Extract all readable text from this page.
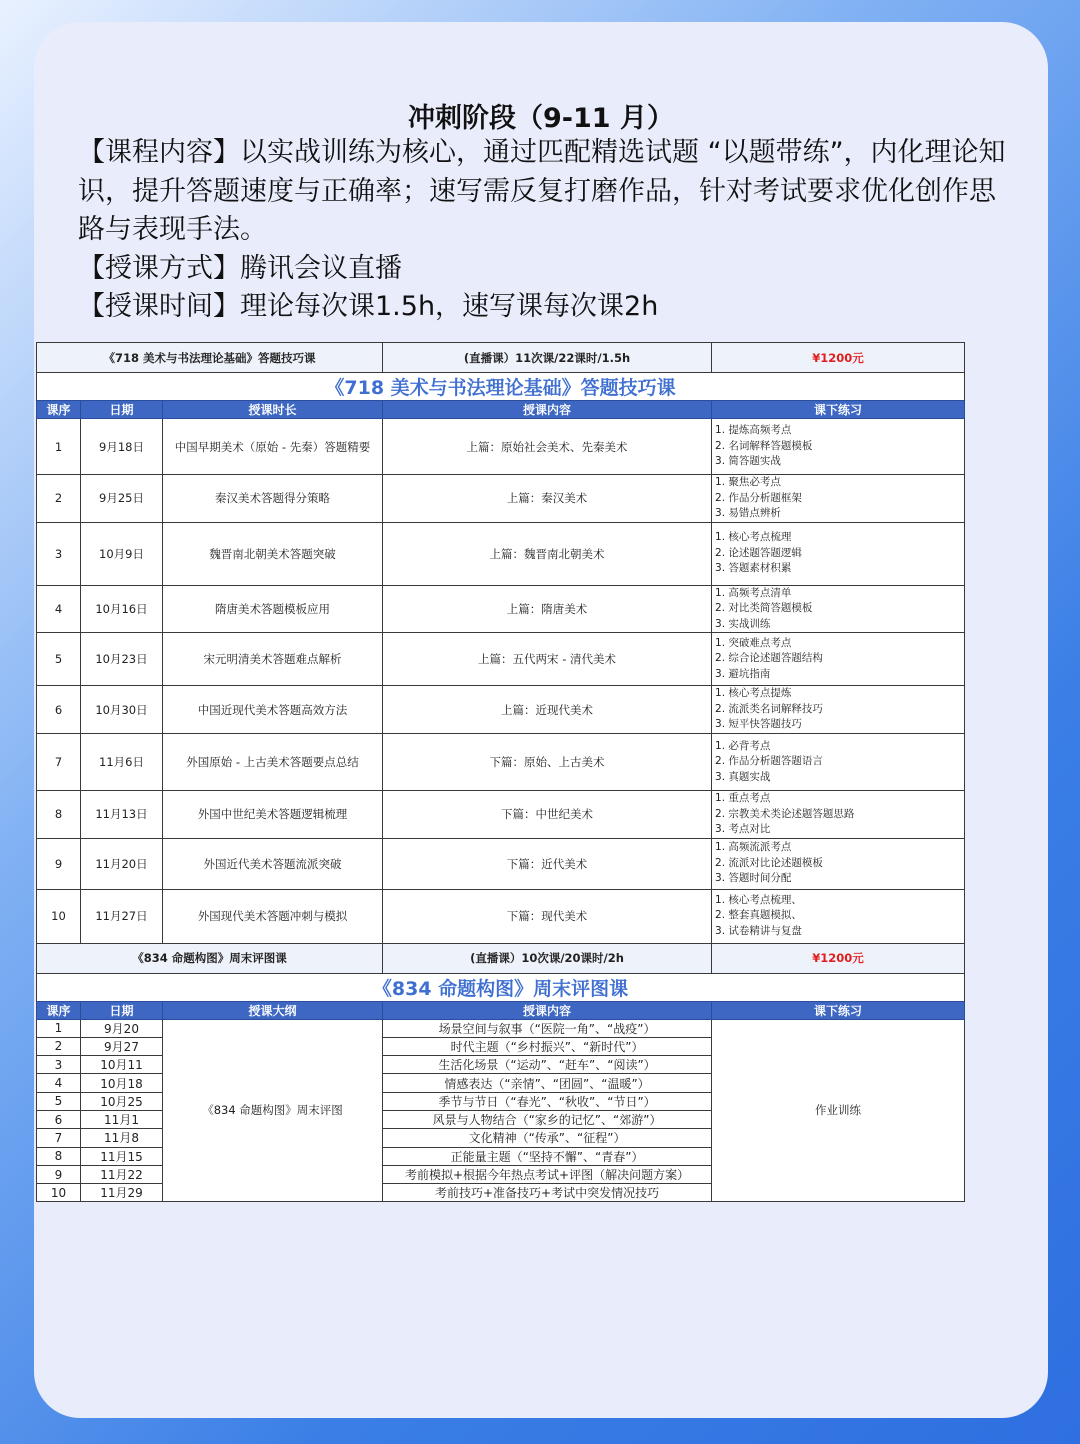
冲刺阶段（9-11 月）

【课程内容】以实战训练为核心，通过匹配精选试题 “以题带练”，内化理论知识，提升答题速度与正确率；速写需反复打磨作品，针对考试要求优化创作思路与表现手法。

【授课方式】腾讯会议直播

【授课时间】理论每次课1.5h，速写课每次课2h

《718 美术与书法理论基础》答题技巧课			(直播课）11次课/22课时/1.5h	¥1200元
《718 美术与书法理论基础》答题技巧课				
课序	日期	授课时长	授课内容	课下练习
1	9月18日	中国早期美术（原始 - 先秦）答题精要	上篇：原始社会美术、先秦美术	1. 提炼高频考点
2. 名词解释答题模板
3. 简答题实战

2	9月25日	秦汉美术答题得分策略	上篇：秦汉美术	1. 聚焦必考点
2. 作品分析题框架
3. 易错点辨析

3	10月9日	魏晋南北朝美术答题突破	上篇：魏晋南北朝美术	1. 核心考点梳理
2. 论述题答题逻辑
3. 答题素材积累

4	10月16日	隋唐美术答题模板应用	上篇：隋唐美术	1. 高频考点清单
2. 对比类简答题模板
3. 实战训练

5	10月23日	宋元明清美术答题难点解析	上篇：五代两宋 - 清代美术	1. 突破难点考点
2. 综合论述题答题结构
3. 避坑指南

6	10月30日	中国近现代美术答题高效方法	上篇：近现代美术	1. 核心考点提炼
2. 流派类名词解释技巧
3. 短平快答题技巧

7	11月6日	外国原始 - 上古美术答题要点总结	下篇：原始、上古美术	1. 必背考点
2. 作品分析题答题语言
3. 真题实战

8	11月13日	外国中世纪美术答题逻辑梳理	下篇：中世纪美术	1. 重点考点
2. 宗教美术类论述题答题思路
3. 考点对比

9	11月20日	外国近代美术答题流派突破	下篇：近代美术	1. 高频流派考点
2. 流派对比论述题模板
3. 答题时间分配

10	11月27日	外国现代美术答题冲刺与模拟	下篇：现代美术	1. 核心考点梳理、
2. 整套真题模拟、
3. 试卷精讲与复盘

《834 命题构图》周末评图课			(直播课）10次课/20课时/2h	¥1200元
《834 命题构图》周末评图课				
课序	日期	授课大纲	授课内容	课下练习
1	9月20	《834 命题构图》周末评图	场景空间与叙事（“医院一角”、“战疫”）	作业训练
2	9月27		时代主题（“乡村振兴”、“新时代”）	
3	10月11		生活化场景（“运动”、“赶车”、“阅读”）	
4	10月18		情感表达（“亲情”、“团圆”、“温暖”）	
5	10月25		季节与节日（“春光”、“秋收”、“节日”）	
6	11月1		风景与人物结合（“家乡的记忆”、“郊游”）	
7	11月8		文化精神（“传承”、“征程”）	
8	11月15		正能量主题（“坚持不懈”、“青春”）	
9	11月22		考前模拟+根据今年热点考试+评图（解决问题方案）	
10	11月29		考前技巧+准备技巧+考试中突发情况技巧	
